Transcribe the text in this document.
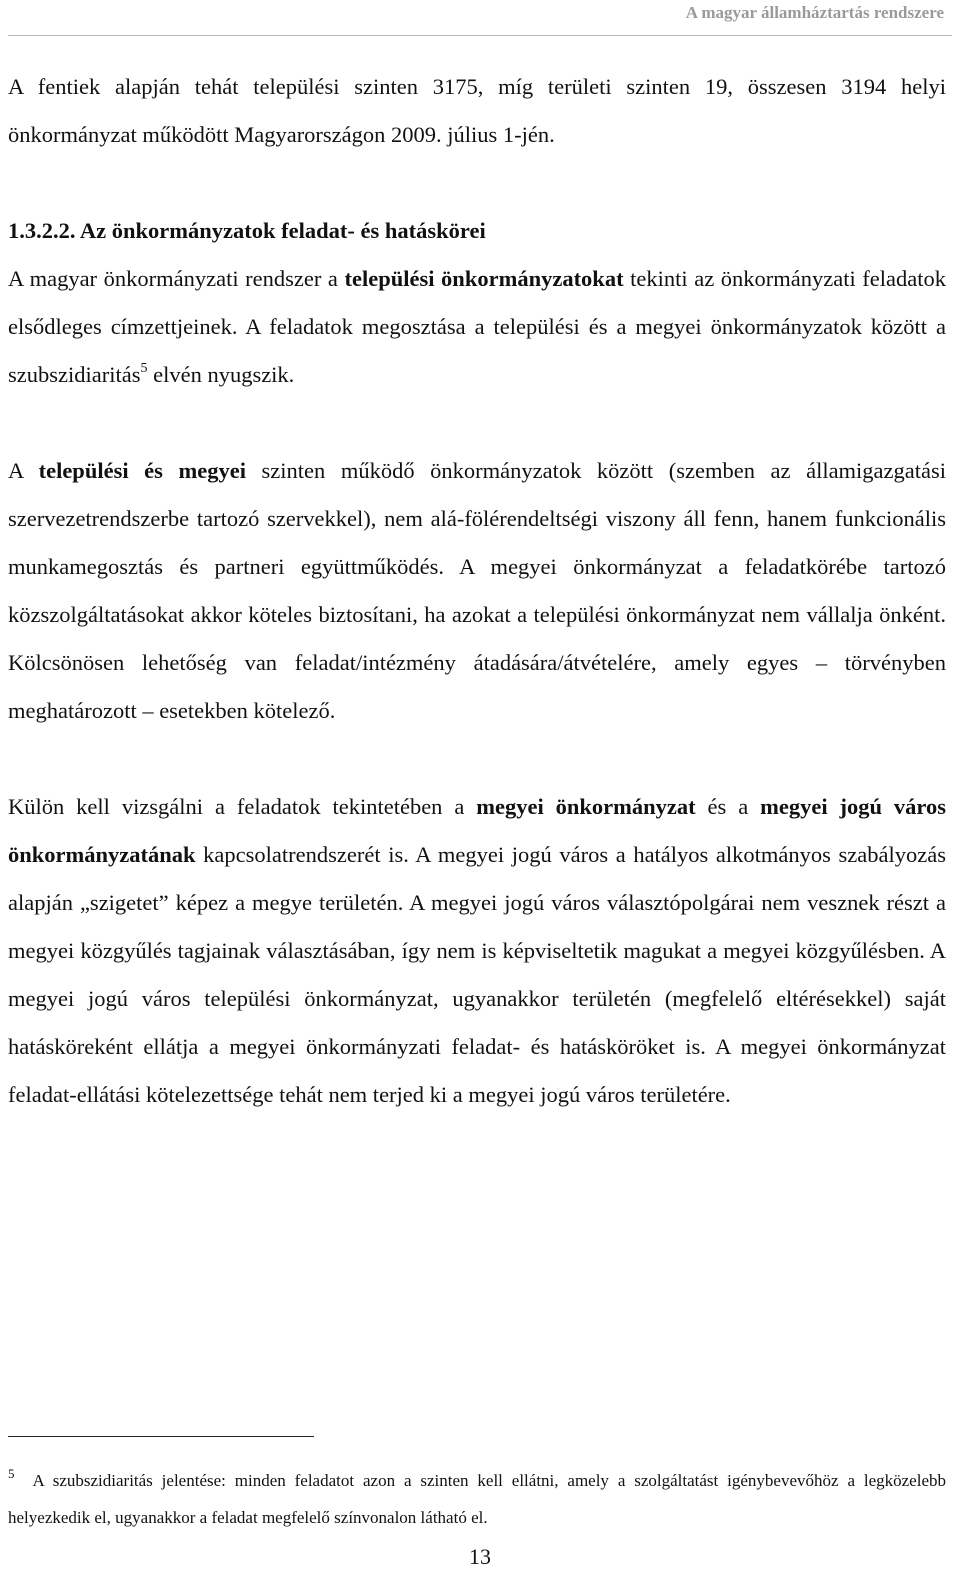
A magyar államháztartás rendszere

A fentiek alapján tehát települési szinten 3175, míg területi szinten 19, összesen 3194 helyi önkormányzat működött Magyarországon 2009. július 1-jén.

1.3.2.2. Az önkormányzatok feladat- és hatáskörei

A magyar önkormányzati rendszer a települési önkormányzatokat tekinti az önkormányzati feladatok elsődleges címzettjeinek. A feladatok megosztása a települési és a megyei önkormányzatok között a szubszidiaritás$^5$ elvén nyugszik.

A települési és megyei szinten működő önkormányzatok között (szemben az államigazgatási szervezetrendszerbe tartozó szervekkel), nem alá-fölérendeltségi viszony áll fenn, hanem funkcionális munkamegosztás és partneri együttműködés. A megyei önkormányzat a feladatkörébe tartozó közszolgáltatásokat akkor köteles biztosítani, ha azokat a települési önkormányzat nem vállalja önként. Kölcsönösen lehetőség van feladat/intézmény átadására/átvételére, amely egyes – törvényben meghatározott – esetekben kötelező.

Külön kell vizsgálni a feladatok tekintetében a megyei önkormányzat és a megyei jogú város önkormányzatának kapcsolatrendszerét is. A megyei jogú város a hatályos alkotmányos szabályozás alapján „szigetet” képez a megye területén. A megyei jogú város választópolgárai nem vesznek részt a megyei közgyűlés tagjainak választásában, így nem is képviseltetik magukat a megyei közgyűlésben. A megyei jogú város települési önkormányzat, ugyanakkor területén (megfelelő eltérésekkel) saját hatásköreként ellátja a megyei önkormányzati feladat- és hatásköröket is. A megyei önkormányzat feladat-ellátási kötelezettsége tehát nem terjed ki a megyei jogú város területére.

$^5$ A szubszidiaritás jelentése: minden feladatot azon a szinten kell ellátni, amely a szolgáltatást igénybevevőhöz a legközelebb helyezkedik el, ugyanakkor a feladat megfelelő színvonalon látható el.
13
